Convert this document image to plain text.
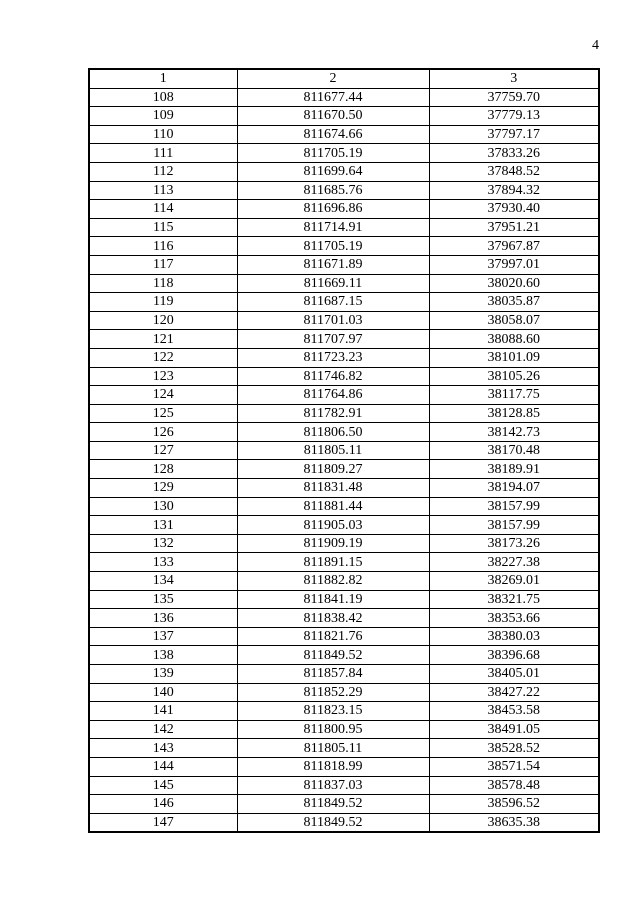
4
1	2	3
108	811677.44	37759.70
109	811670.50	37779.13
110	811674.66	37797.17
111	811705.19	37833.26
112	811699.64	37848.52
113	811685.76	37894.32
114	811696.86	37930.40
115	811714.91	37951.21
116	811705.19	37967.87
117	811671.89	37997.01
118	811669.11	38020.60
119	811687.15	38035.87
120	811701.03	38058.07
121	811707.97	38088.60
122	811723.23	38101.09
123	811746.82	38105.26
124	811764.86	38117.75
125	811782.91	38128.85
126	811806.50	38142.73
127	811805.11	38170.48
128	811809.27	38189.91
129	811831.48	38194.07
130	811881.44	38157.99
131	811905.03	38157.99
132	811909.19	38173.26
133	811891.15	38227.38
134	811882.82	38269.01
135	811841.19	38321.75
136	811838.42	38353.66
137	811821.76	38380.03
138	811849.52	38396.68
139	811857.84	38405.01
140	811852.29	38427.22
141	811823.15	38453.58
142	811800.95	38491.05
143	811805.11	38528.52
144	811818.99	38571.54
145	811837.03	38578.48
146	811849.52	38596.52
147	811849.52	38635.38
